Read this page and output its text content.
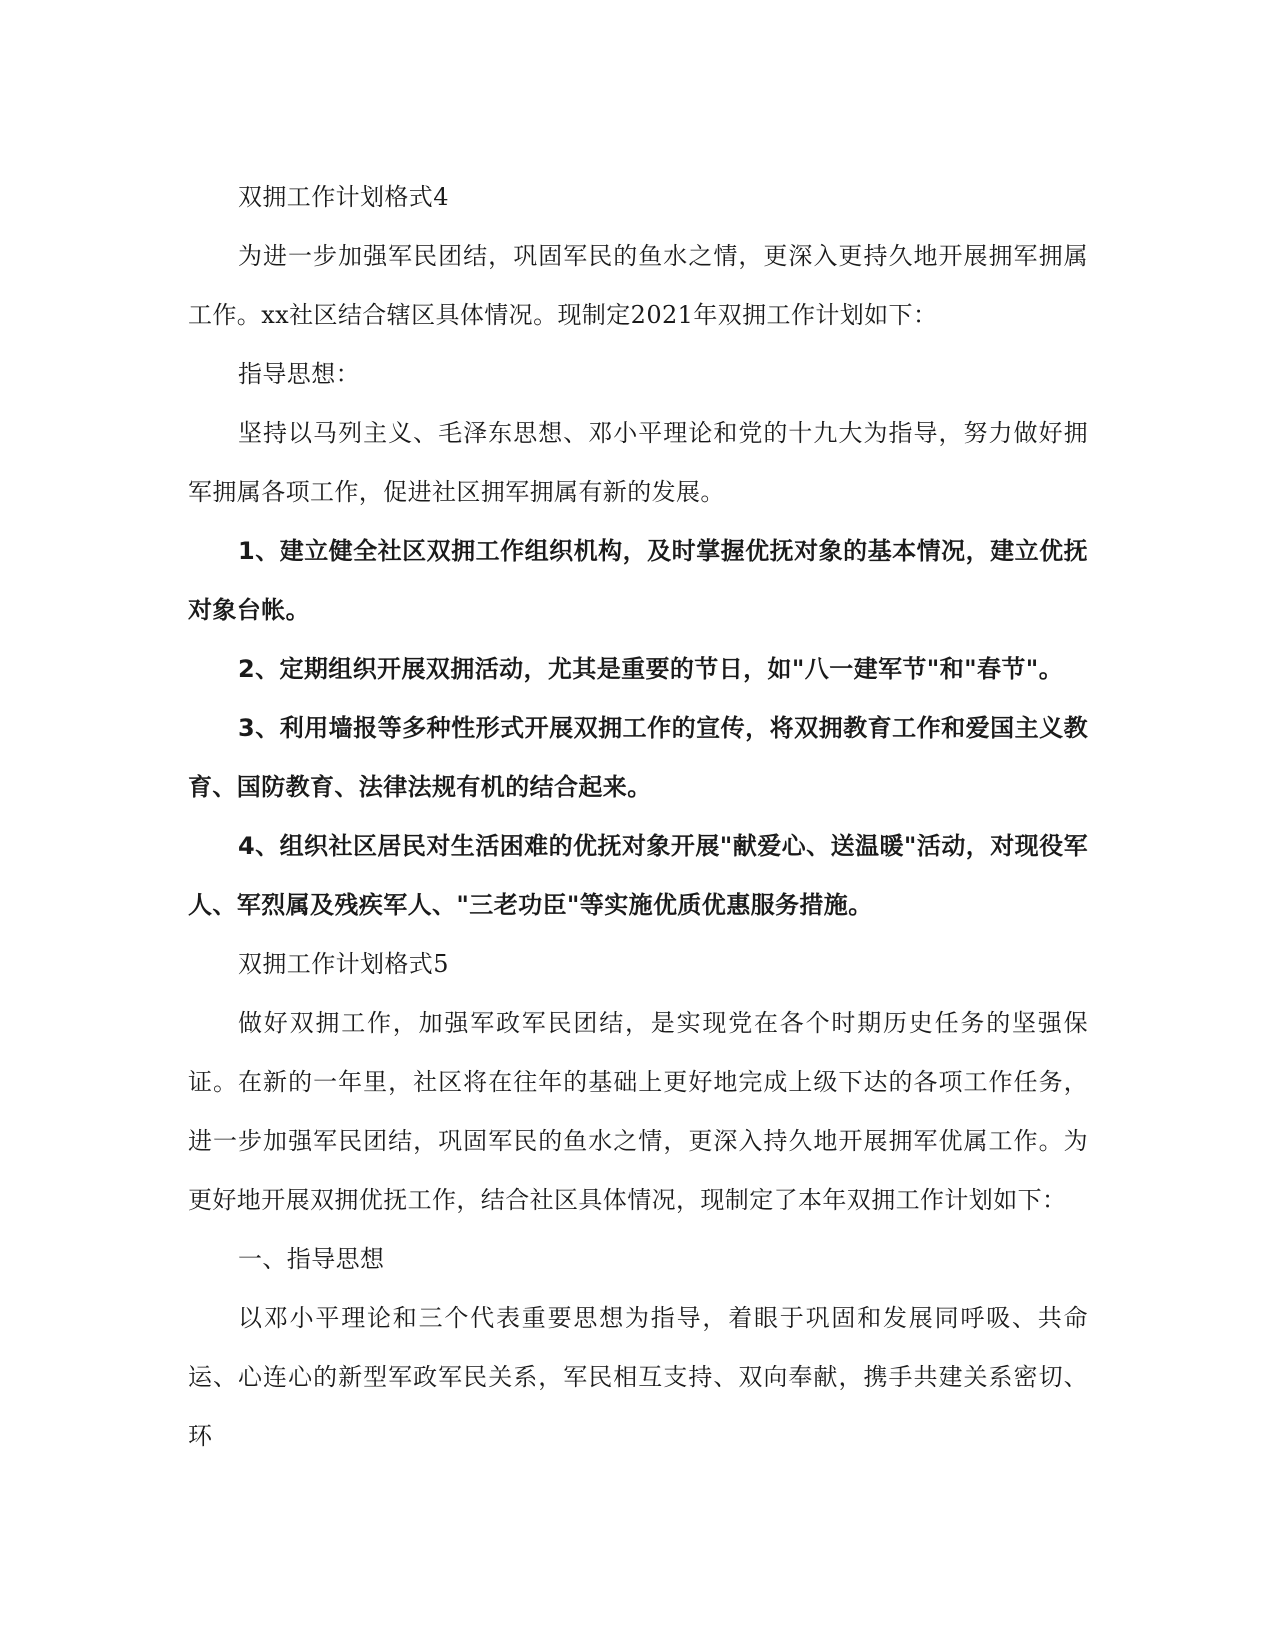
双拥工作计划格式4

为进一步加强军民团结，巩固军民的鱼水之情，更深入更持久地开展拥军拥属工作。xx社区结合辖区具体情况。现制定2021年双拥工作计划如下：

指导思想：

坚持以马列主义、毛泽东思想、邓小平理论和党的十九大为指导，努力做好拥军拥属各项工作，促进社区拥军拥属有新的发展。

1、建立健全社区双拥工作组织机构，及时掌握优抚对象的基本情况，建立优抚对象台帐。

2、定期组织开展双拥活动，尤其是重要的节日，如"八一建军节"和"春节"。

3、利用墙报等多种性形式开展双拥工作的宣传，将双拥教育工作和爱国主义教育、国防教育、法律法规有机的结合起来。

4、组织社区居民对生活困难的优抚对象开展"献爱心、送温暖"活动，对现役军人、军烈属及残疾军人、"三老功臣"等实施优质优惠服务措施。

双拥工作计划格式5

做好双拥工作，加强军政军民团结，是实现党在各个时期历史任务的坚强保证。在新的一年里，社区将在往年的基础上更好地完成上级下达的各项工作任务，进一步加强军民团结，巩固军民的鱼水之情，更深入持久地开展拥军优属工作。为更好地开展双拥优抚工作，结合社区具体情况，现制定了本年双拥工作计划如下：

一、指导思想

以邓小平理论和三个代表重要思想为指导，着眼于巩固和发展同呼吸、共命运、心连心的新型军政军民关系，军民相互支持、双向奉献，携手共建关系密切、环
